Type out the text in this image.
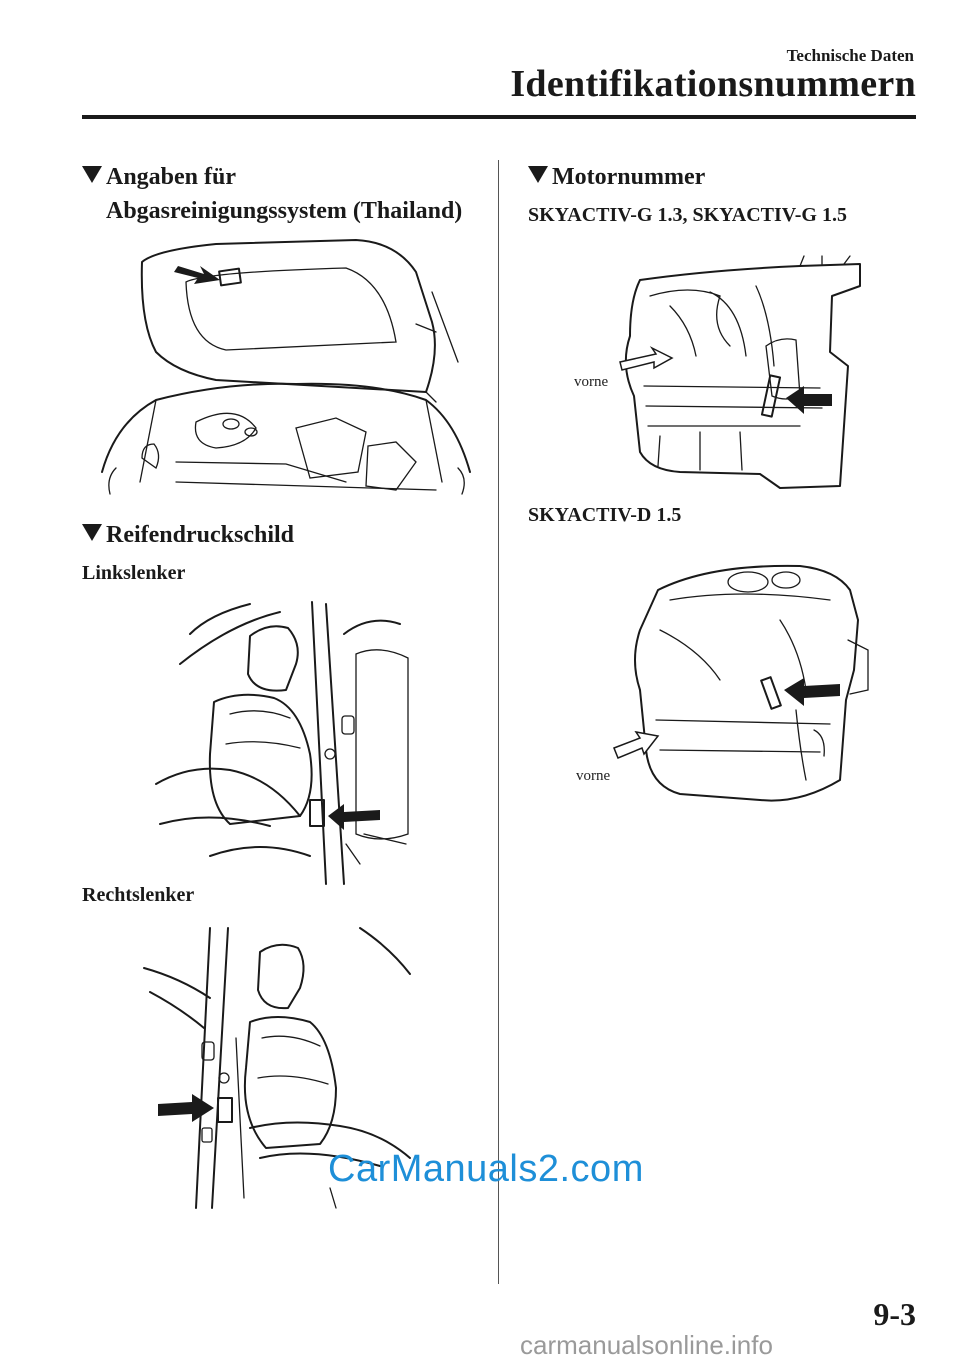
Technische Daten
Identifikationsnummern
Angaben für
Abgasreinigungssystem (Thailand)
Reifendruckschild
Linkslenker
Rechtslenker
Motornummer
SKYACTIV-G 1.3, SKYACTIV-G 1.5
vorne
SKYACTIV-D 1.5
vorne
9-3
CarManuals2.com
carmanualsonline.info
